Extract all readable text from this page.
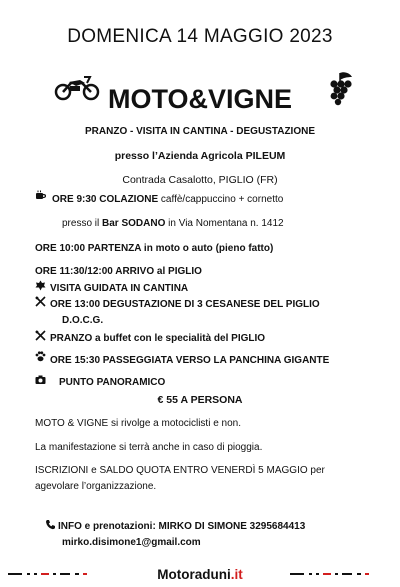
DOMENICA 14 MAGGIO 2023
MOTO&VIGNE
PRANZO - VISITA IN CANTINA - DEGUSTAZIONE
presso l’Azienda Agricola PILEUM
Contrada Casalotto, PIGLIO (FR)
ORE 9:30 COLAZIONE caffè/cappuccino + cornetto
presso il Bar SODANO in Via Nomentana n. 1412
ORE 10:00 PARTENZA in moto o auto (pieno fatto)
ORE 11:30/12:00 ARRIVO al PIGLIO
VISITA GUIDATA IN CANTINA
ORE 13:00 DEGUSTAZIONE DI 3 CESANESE DEL PIGLIO
D.O.C.G.
PRANZO a buffet con le specialità del PIGLIO
ORE 15:30 PASSEGGIATA VERSO LA PANCHINA GIGANTE
PUNTO PANORAMICO
€ 55 A PERSONA
MOTO & VIGNE si rivolge a motociclisti e non.
La manifestazione si terrà anche in caso di pioggia.
ISCRIZIONI e SALDO QUOTA ENTRO VENERDÌ 5 MAGGIO per
agevolare l’organizzazione.
INFO e prenotazioni: MIRKO DI SIMONE 3295684413
mirko.disimone1@gmail.com
Motoraduni.it
